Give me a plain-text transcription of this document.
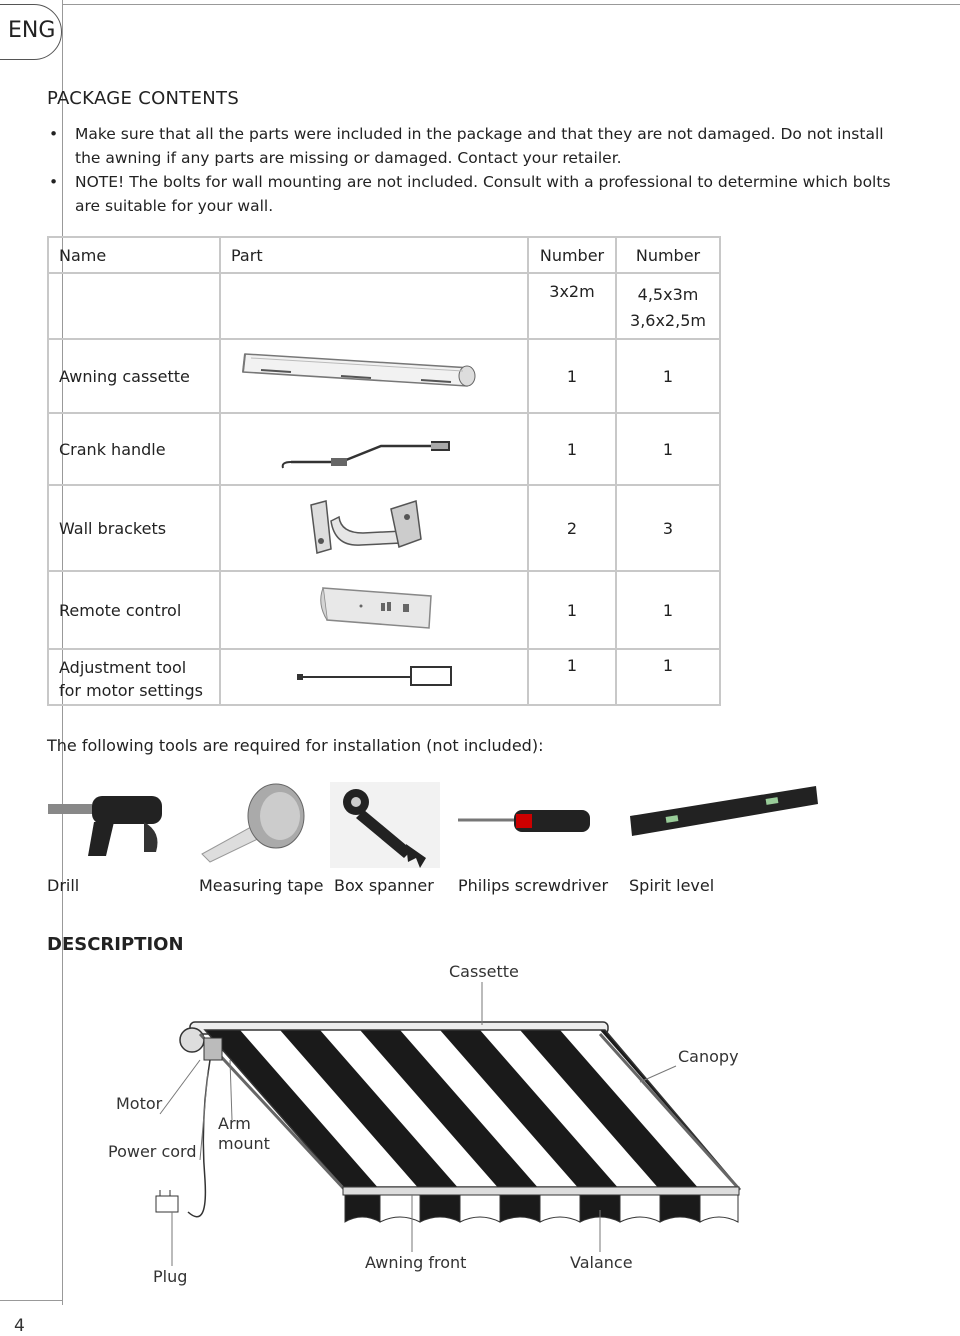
ENG
4
PACKAGE CONTENTS
• Make sure that all the parts were included in the package and that they are not damaged. Do not install the awning if any parts are missing or damaged. Contact your retailer.
• NOTE! The bolts for wall mounting are not included. Consult with a professional to determine which bolts are suitable for your wall.
Name	Part	Number	Number
		3x2m	4,5x3m
3,6x2,5m
Awning cassette		1	1
Crank handle		1	1
Wall brackets		2	3
Remote control		1	1
Adjustment tool
for motor settings		1	1
The following tools are required for installation (not included):
Drill	Measuring tape Box spanner Philips screwdriver Spirit level
DESCRIPTION
Cassette
Canopy
Motor
Power cord
Arm
mount
Plug
Awning front	Valance
